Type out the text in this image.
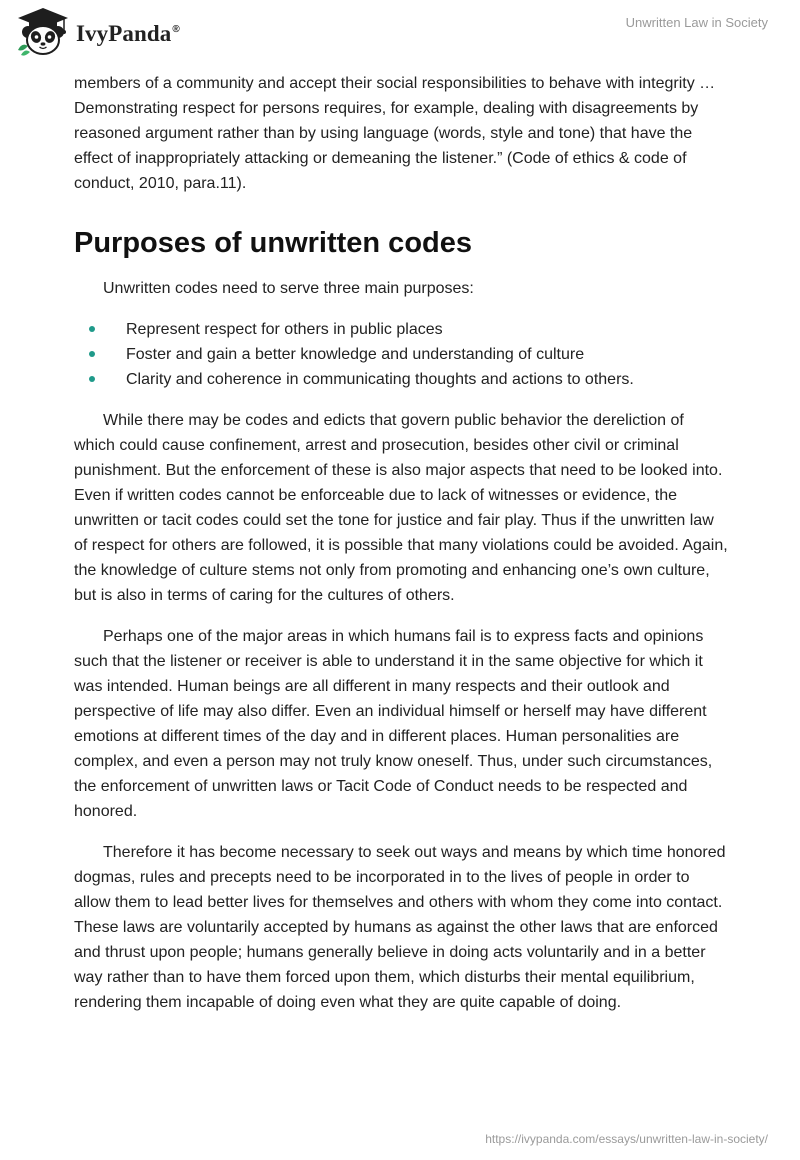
IvyPanda®	Unwritten Law in Society

members of a community and accept their social responsibilities to behave with integrity … Demonstrating respect for persons requires, for example, dealing with disagreements by reasoned argument rather than by using language (words, style and tone) that have the effect of inappropriately attacking or demeaning the listener.” (Code of ethics & code of conduct, 2010, para.11).

Purposes of unwritten codes

Unwritten codes need to serve three main purposes:

Represent respect for others in public places
Foster and gain a better knowledge and understanding of culture
Clarity and coherence in communicating thoughts and actions to others.

While there may be codes and edicts that govern public behavior the dereliction of which could cause confinement, arrest and prosecution, besides other civil or criminal punishment. But the enforcement of these is also major aspects that need to be looked into. Even if written codes cannot be enforceable due to lack of witnesses or evidence, the unwritten or tacit codes could set the tone for justice and fair play. Thus if the unwritten law of respect for others are followed, it is possible that many violations could be avoided. Again, the knowledge of culture stems not only from promoting and enhancing one’s own culture, but is also in terms of caring for the cultures of others.

Perhaps one of the major areas in which humans fail is to express facts and opinions such that the listener or receiver is able to understand it in the same objective for which it was intended. Human beings are all different in many respects and their outlook and perspective of life may also differ. Even an individual himself or herself may have different emotions at different times of the day and in different places. Human personalities are complex, and even a person may not truly know oneself. Thus, under such circumstances, the enforcement of unwritten laws or Tacit Code of Conduct needs to be respected and honored.

Therefore it has become necessary to seek out ways and means by which time honored dogmas, rules and precepts need to be incorporated in to the lives of people in order to allow them to lead better lives for themselves and others with whom they come into contact. These laws are voluntarily accepted by humans as against the other laws that are enforced and thrust upon people; humans generally believe in doing acts voluntarily and in a better way rather than to have them forced upon them, which disturbs their mental equilibrium, rendering them incapable of doing even what they are quite capable of doing.

https://ivypanda.com/essays/unwritten-law-in-society/
